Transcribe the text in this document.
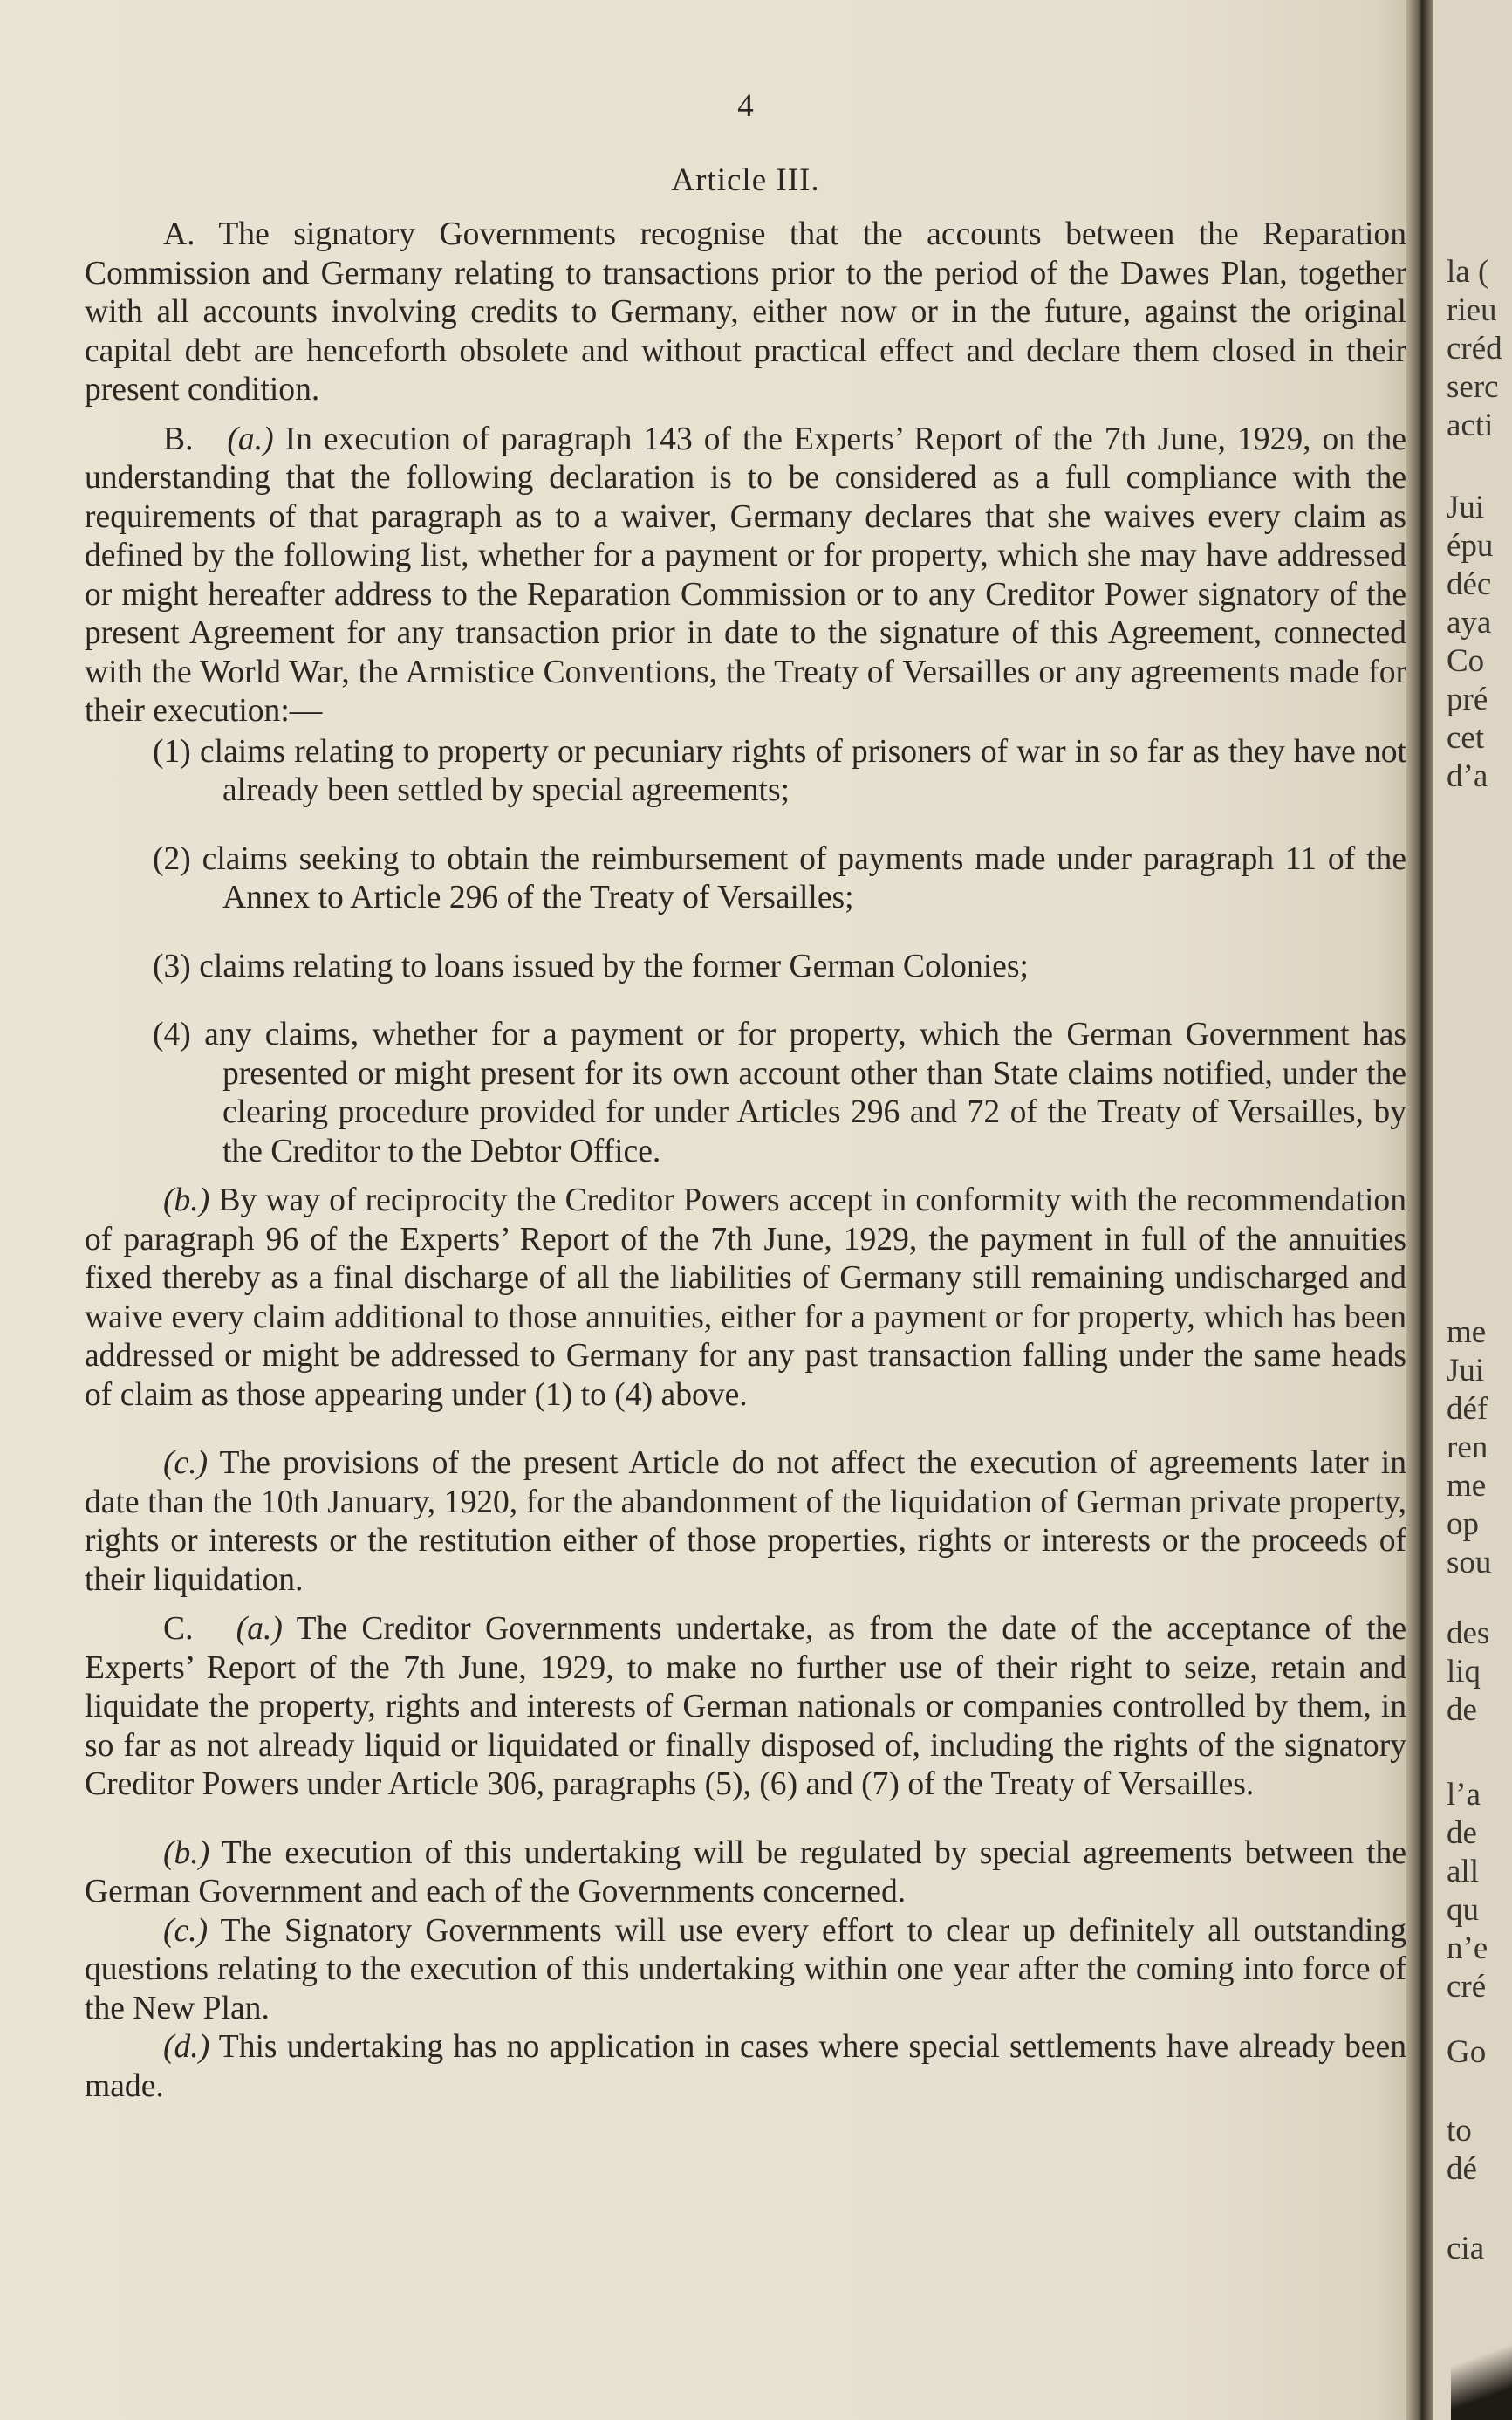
4
Article III.

A. The signatory Governments recognise that the accounts between the Reparation Commission and Germany relating to transactions prior to the period of the Dawes Plan, together with all accounts involving credits to Germany, either now or in the future, against the original capital debt are henceforth obsolete and without practical effect and declare them closed in their present condition.

B. (a.) In execution of paragraph 143 of the Experts’ Report of the 7th June, 1929, on the understanding that the following declaration is to be considered as a full compliance with the requirements of that paragraph as to a waiver, Germany declares that she waives every claim as defined by the following list, whether for a payment or for property, which she may have addressed or might hereafter address to the Reparation Commission or to any Creditor Power signatory of the present Agreement for any transaction prior in date to the signature of this Agreement, connected with the World War, the Armistice Conventions, the Treaty of Versailles or any agreements made for their execution:—

(1) claims relating to property or pecuniary rights of prisoners of war in so far as they have not already been settled by special agreements;

(2) claims seeking to obtain the reimbursement of payments made under paragraph 11 of the Annex to Article 296 of the Treaty of Versailles;

(3) claims relating to loans issued by the former German Colonies;

(4) any claims, whether for a payment or for property, which the German Government has presented or might present for its own account other than State claims notified, under the clearing procedure provided for under Articles 296 and 72 of the Treaty of Versailles, by the Creditor to the Debtor Office.

(b.) By way of reciprocity the Creditor Powers accept in conformity with the recommendation of paragraph 96 of the Experts’ Report of the 7th June, 1929, the payment in full of the annuities fixed thereby as a final discharge of all the liabilities of Germany still remaining undischarged and waive every claim additional to those annuities, either for a payment or for property, which has been addressed or might be addressed to Germany for any past transaction falling under the same heads of claim as those appearing under (1) to (4) above.

(c.) The provisions of the present Article do not affect the execution of agreements later in date than the 10th January, 1920, for the abandonment of the liquidation of German private property, rights or interests or the restitution either of those properties, rights or interests or the proceeds of their liquidation.

C. (a.) The Creditor Governments undertake, as from the date of the acceptance of the Experts’ Report of the 7th June, 1929, to make no further use of their right to seize, retain and liquidate the property, rights and interests of German nationals or companies controlled by them, in so far as not already liquid or liquidated or finally disposed of, including the rights of the signatory Creditor Powers under Article 306, paragraphs (5), (6) and (7) of the Treaty of Versailles.

(b.) The execution of this undertaking will be regulated by special agreements between the German Government and each of the Governments concerned.

(c.) The Signatory Governments will use every effort to clear up definitely all outstanding questions relating to the execution of this undertaking within one year after the coming into force of the New Plan.

(d.) This undertaking has no application in cases where special settlements have already been made.

la (
rieu
créd
serc
acti
Jui
épu
déc
aya
Co
pré
cet
d’a
me
Jui
déf
ren
me
op
sou
des
liq
de
l’a
de
all
qu
n’e
cré
Go
to
dé
cia
